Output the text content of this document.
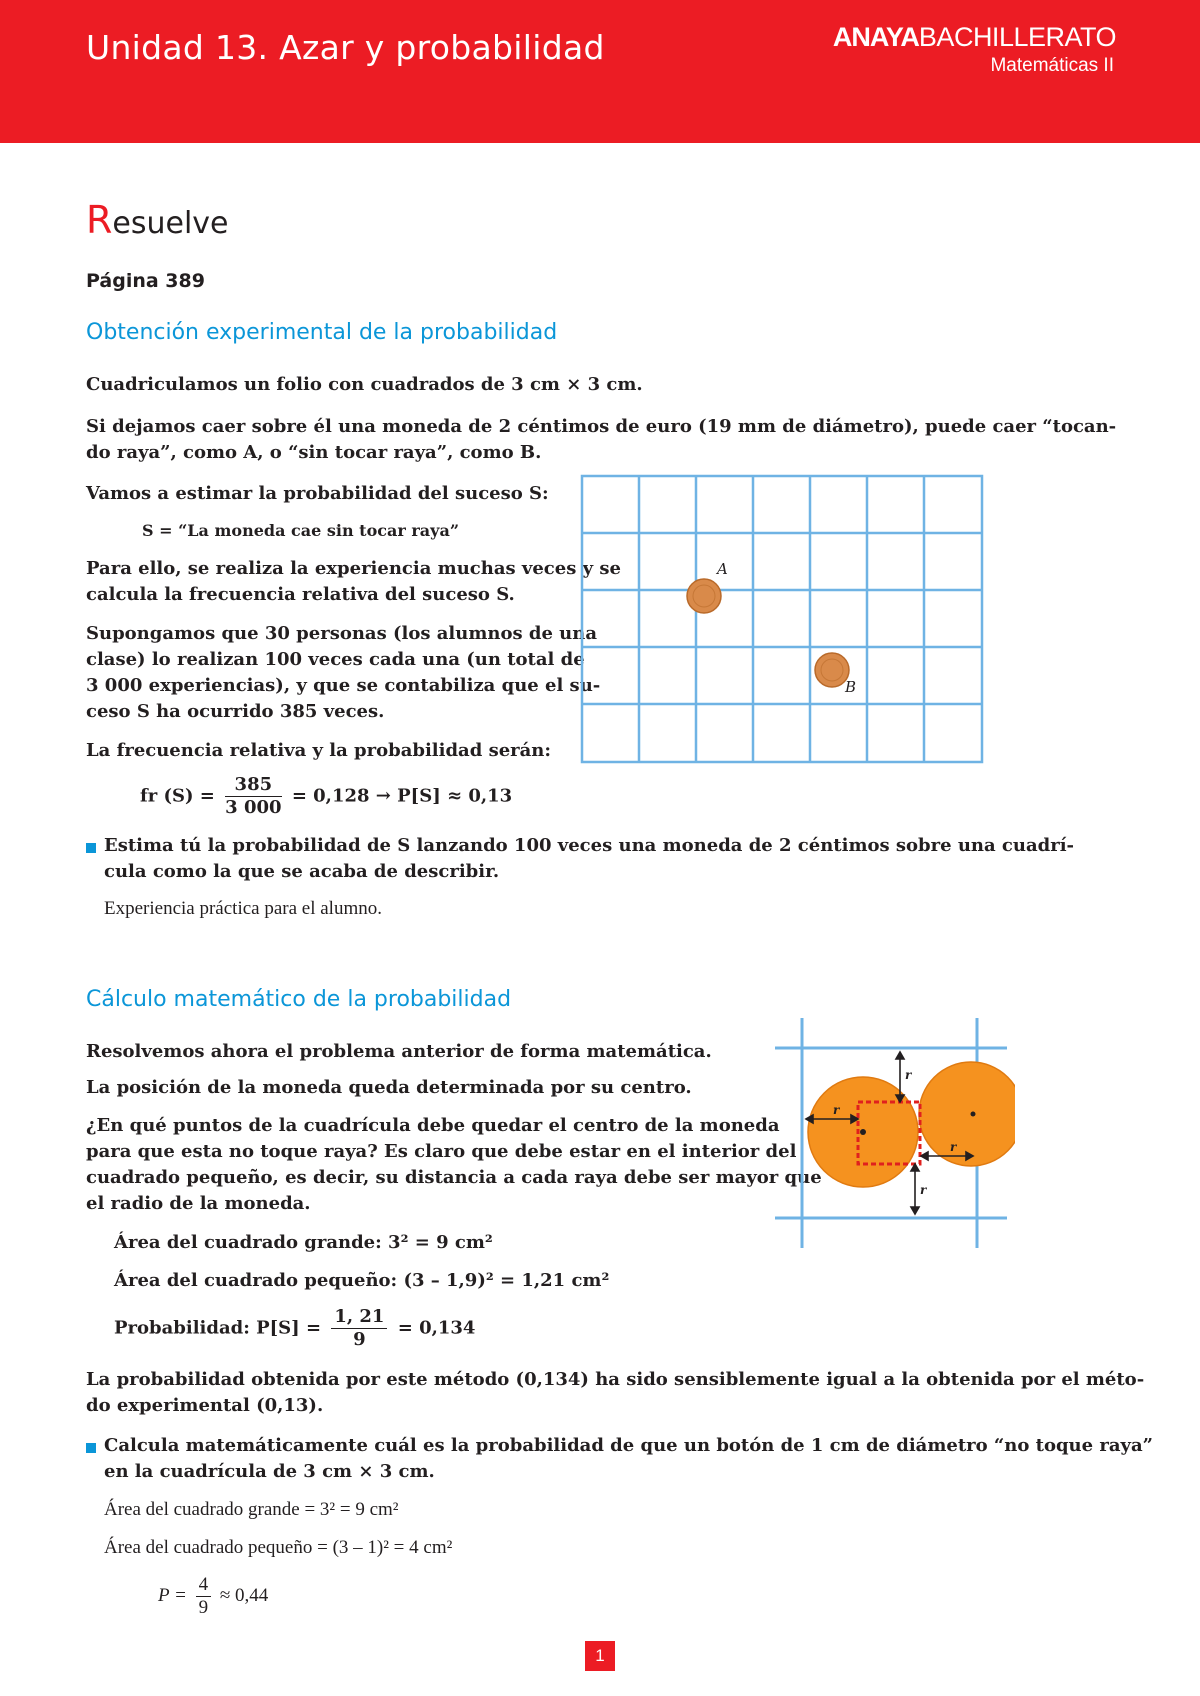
Unidad 13. Azar y probabilidad	ANAYABACHILLERATO
Matemáticas II
Resuelve
Página 389
Obtención experimental de la probabilidad
Cuadriculamos un folio con cuadrados de 3 cm × 3 cm.
Si dejamos caer sobre él una moneda de 2 céntimos de euro (19 mm de diámetro), puede caer “tocan-
do raya”, como A, o “sin tocar raya”, como B.
Vamos a estimar la probabilidad del suceso S:
S = “La moneda cae sin tocar raya”
Para ello, se realiza la experiencia muchas veces y se
calcula la frecuencia relativa del suceso S.
Supongamos que 30 personas (los alumnos de una
clase) lo realizan 100 veces cada una (un total de
3 000 experiencias), y que se contabiliza que el su-
ceso S ha ocurrido 385 veces.
La frecuencia relativa y la probabilidad serán:
fr $(S) = \frac{385}{3 000} = 0,128 \to P[S] \approx 0,13$
Estima tú la probabilidad de S lanzando 100 veces una moneda de 2 céntimos sobre una cuadrí-
cula como la que se acaba de describir.
Experiencia práctica para el alumno.
A
B
Cálculo matemático de la probabilidad
Resolvemos ahora el problema anterior de forma matemática.
La posición de la moneda queda determinada por su centro.
¿En qué puntos de la cuadrícula debe quedar el centro de la moneda
para que esta no toque raya? Es claro que debe estar en el interior del
cuadrado pequeño, es decir, su distancia a cada raya debe ser mayor que
el radio de la moneda.
Área del cuadrado grande: 3² = 9 cm²
Área del cuadrado pequeño: (3 – 1,9)² = 1,21 cm²
Probabilidad: $P[S] = \frac{1, 21}{9} = 0,134$
La probabilidad obtenida por este método (0,134) ha sido sensiblemente igual a la obtenida por el méto-
do experimental (0,13).
Calcula matemáticamente cuál es la probabilidad de que un botón de 1 cm de diámetro “no toque raya”
en la cuadrícula de 3 cm × 3 cm.
Área del cuadrado grande = 3² = 9 cm²
Área del cuadrado pequeño = (3 – 1)² = 4 cm²
$P = \frac{4}{9} \approx 0,44$
r
r
r
r
1
